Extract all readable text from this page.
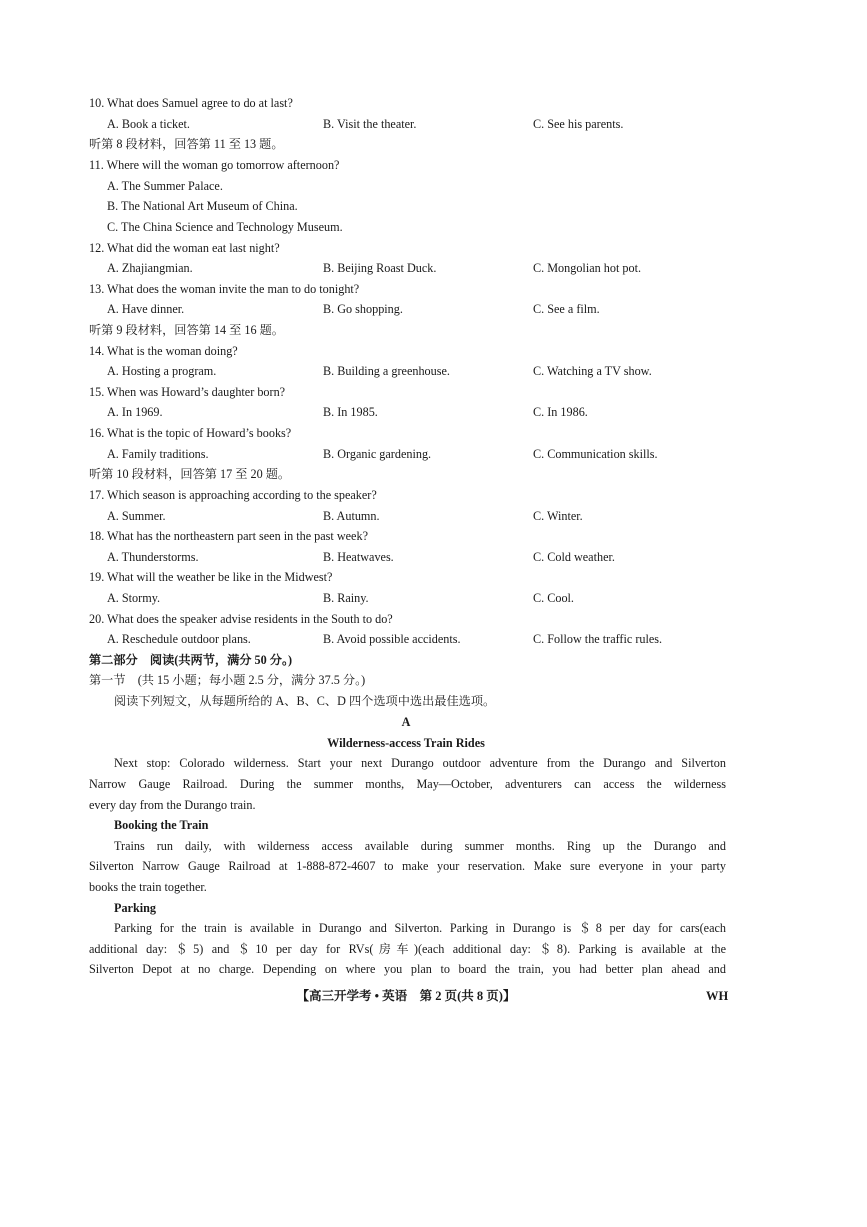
10. What does Samuel agree to do at last?
A. Book a ticket.	B. Visit the theater.	C. See his parents.
听第 8 段材料，回答第 11 至 13 题。
11. Where will the woman go tomorrow afternoon?
A. The Summer Palace.
B. The National Art Museum of China.
C. The China Science and Technology Museum.
12. What did the woman eat last night?
A. Zhajiangmian.	B. Beijing Roast Duck.	C. Mongolian hot pot.
13. What does the woman invite the man to do tonight?
A. Have dinner.	B. Go shopping.	C. See a film.
听第 9 段材料，回答第 14 至 16 题。
14. What is the woman doing?
A. Hosting a program.	B. Building a greenhouse.	C. Watching a TV show.
15. When was Howard’s daughter born?
A. In 1969.	B. In 1985.	C. In 1986.
16. What is the topic of Howard’s books?
A. Family traditions.	B. Organic gardening.	C. Communication skills.
听第 10 段材料，回答第 17 至 20 题。
17. Which season is approaching according to the speaker?
A. Summer.	B. Autumn.	C. Winter.
18. What has the northeastern part seen in the past week?
A. Thunderstorms.	B. Heatwaves.	C. Cold weather.
19. What will the weather be like in the Midwest?
A. Stormy.	B. Rainy.	C. Cool.
20. What does the speaker advise residents in the South to do?
A. Reschedule outdoor plans.	B. Avoid possible accidents.	C. Follow the traffic rules.
第二部分　阅读(共两节，满分 50 分。)
第一节　(共 15 小题；每小题 2.5 分，满分 37.5 分。)
阅读下列短文，从每题所给的 A、B、C、D 四个选项中选出最佳选项。
A
Wilderness-access Train Rides
Next stop: Colorado wilderness. Start your next Durango outdoor adventure from the Durango and Silverton
Narrow Gauge Railroad. During the summer months, May—October, adventurers can access the wilderness
every day from the Durango train.
Booking the Train
Trains run daily, with wilderness access available during summer months. Ring up the Durango and
Silverton Narrow Gauge Railroad at 1-888-872-4607 to make your reservation. Make sure everyone in your party
books the train together.
Parking
Parking for the train is available in Durango and Silverton. Parking in Durango is ＄8 per day for cars(each
additional day: ＄5) and ＄10 per day for RVs(房车)(each additional day: ＄8). Parking is available at the
Silverton Depot at no charge. Depending on where you plan to board the train, you had better plan ahead and
【高三开学考 • 英语　第 2 页(共 8 页)】	WH
